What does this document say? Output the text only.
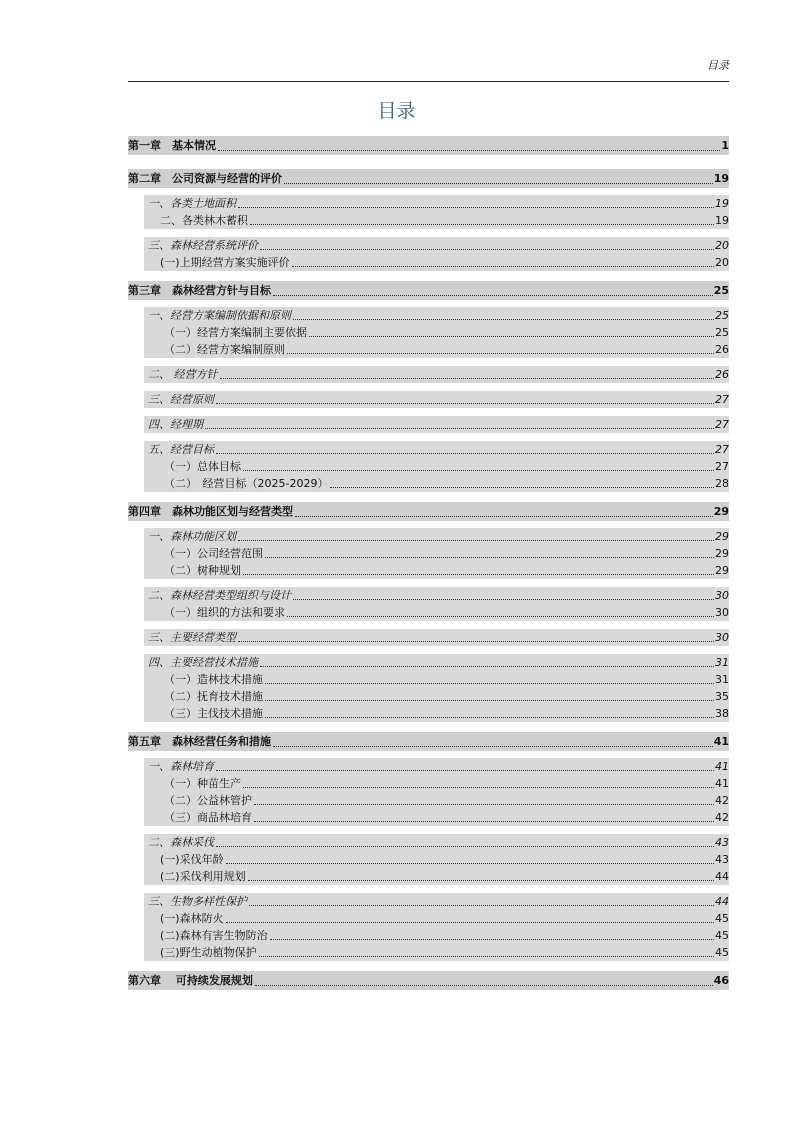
目录
目录
第一章　基本情况	1
第二章　公司资源与经营的评价	19
一、各类土地面积	19
二、各类林木蓄积	19
三、森林经营系统评价	20
(一)上期经营方案实施评价	20
第三章　森林经营方针与目标	25
一、经营方案编制依据和原则	25
（一）经营方案编制主要依据	25
（二）经营方案编制原则	26
二、 经营方针	26
三、经营原则	27
四、经理期	27
五、经营目标	27
（一）总体目标	27
（二）　经营目标（2025-2029）	28
第四章　森林功能区划与经营类型	29
一、森林功能区划	29
（一）公司经营范围	29
（二）树种规划	29
二、森林经营类型组织与设计	30
（一）组织的方法和要求	30
三、主要经营类型	30
四、主要经营技术措施	31
（一）造林技术措施	31
（二）抚育技术措施	35
（三）主伐技术措施	38
第五章　森林经营任务和措施	41
一、森林培育	41
（一）种苗生产	41
（二）公益林管护	42
（三）商品林培育	42
二、森林采伐	43
(一)采伐年龄	43
(二)采伐利用规划	44
三、生物多样性保护	44
(一)森林防火	45
(二)森林有害生物防治	45
(三)野生动植物保护	45
第六章　 可持续发展规划	46
